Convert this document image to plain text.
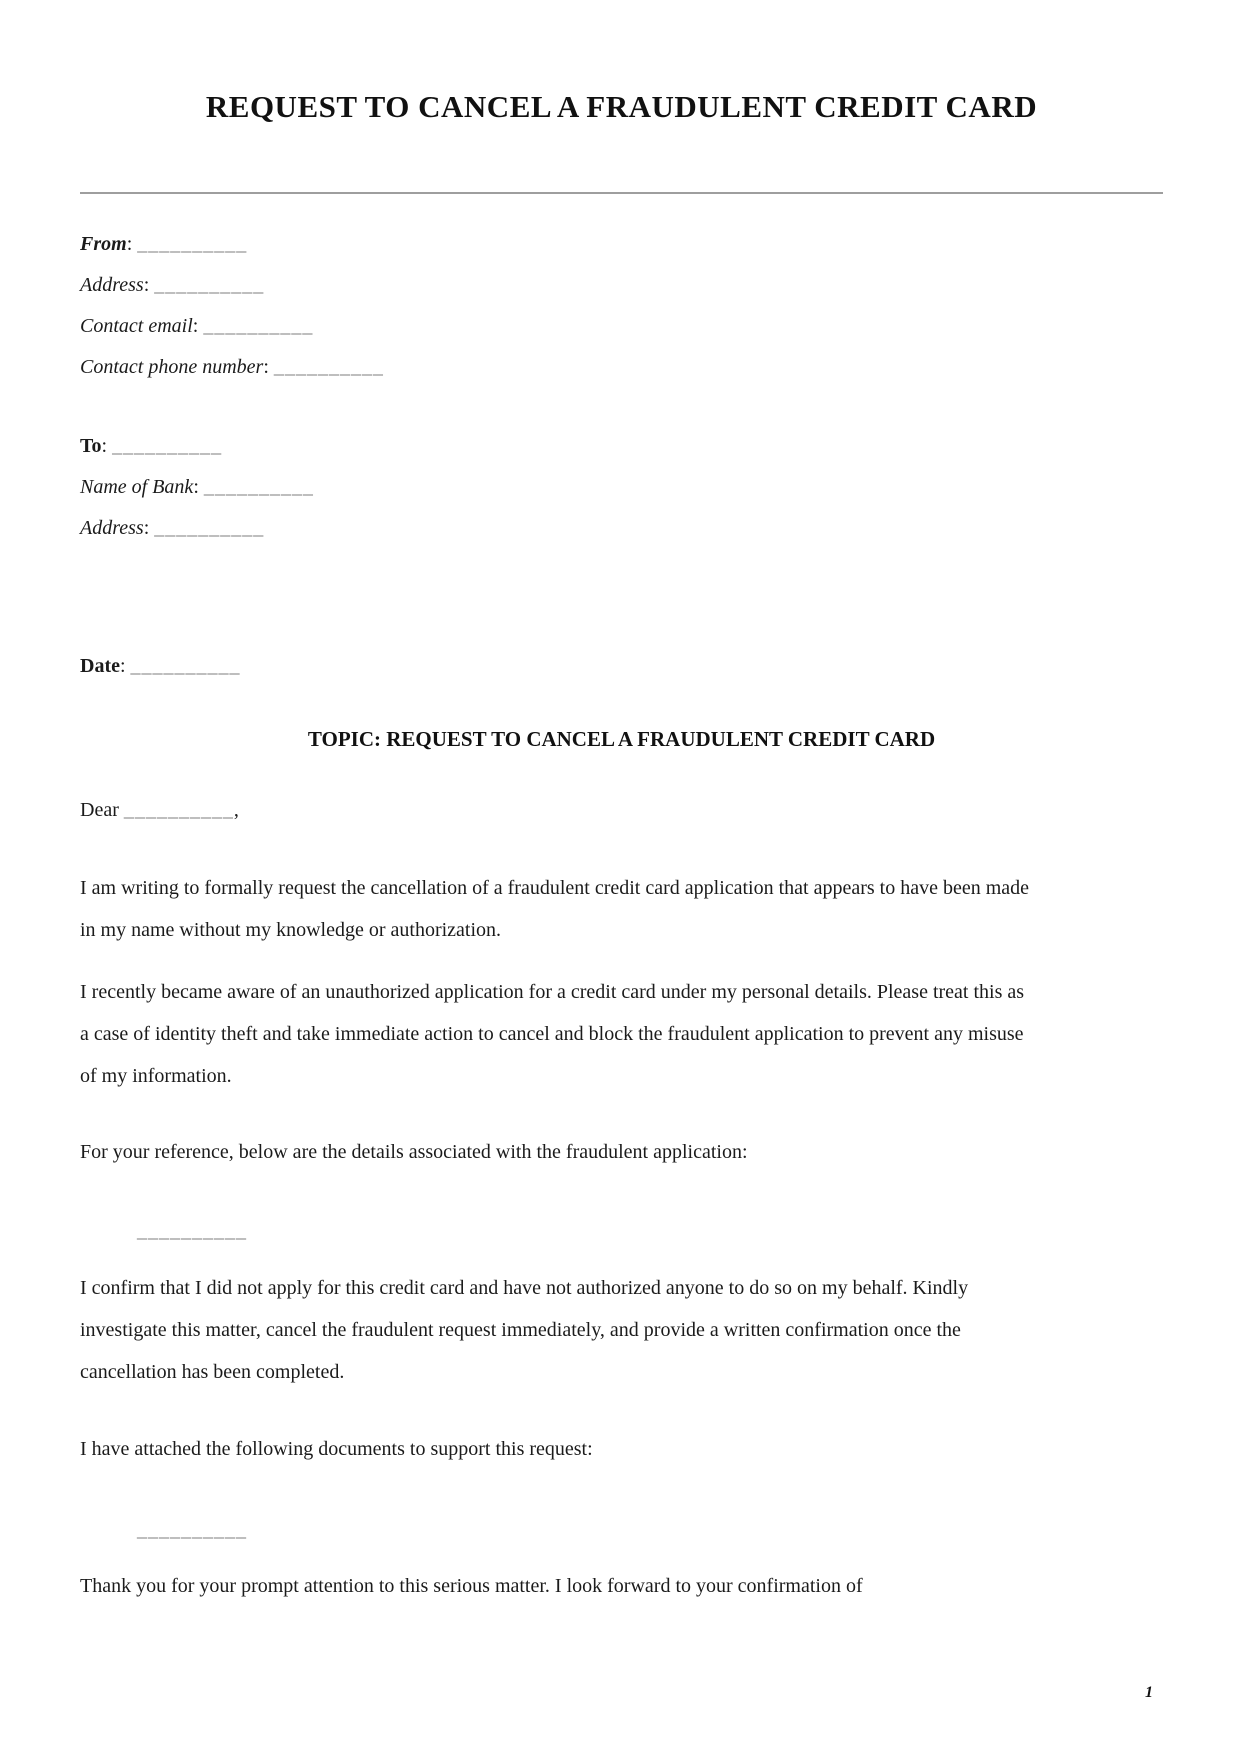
REQUEST TO CANCEL A FRAUDULENT CREDIT CARD
From: __________
Address: __________
Contact email: __________
Contact phone number: __________
To: __________
Name of Bank: __________
Address: __________
Date: __________
TOPIC: REQUEST TO CANCEL A FRAUDULENT CREDIT CARD
Dear __________,

I am writing to formally request the cancellation of a fraudulent credit card application that appears to have been made in my name without my knowledge or authorization.

I recently became aware of an unauthorized application for a credit card under my personal details. Please treat this as a case of identity theft and take immediate action to cancel and block the fraudulent application to prevent any misuse of my information.

For your reference, below are the details associated with the fraudulent application:

__________

I confirm that I did not apply for this credit card and have not authorized anyone to do so on my behalf. Kindly investigate this matter, cancel the fraudulent request immediately, and provide a written confirmation once the cancellation has been completed.

I have attached the following documents to support this request:

__________

Thank you for your prompt attention to this serious matter. I look forward to your confirmation of

1
